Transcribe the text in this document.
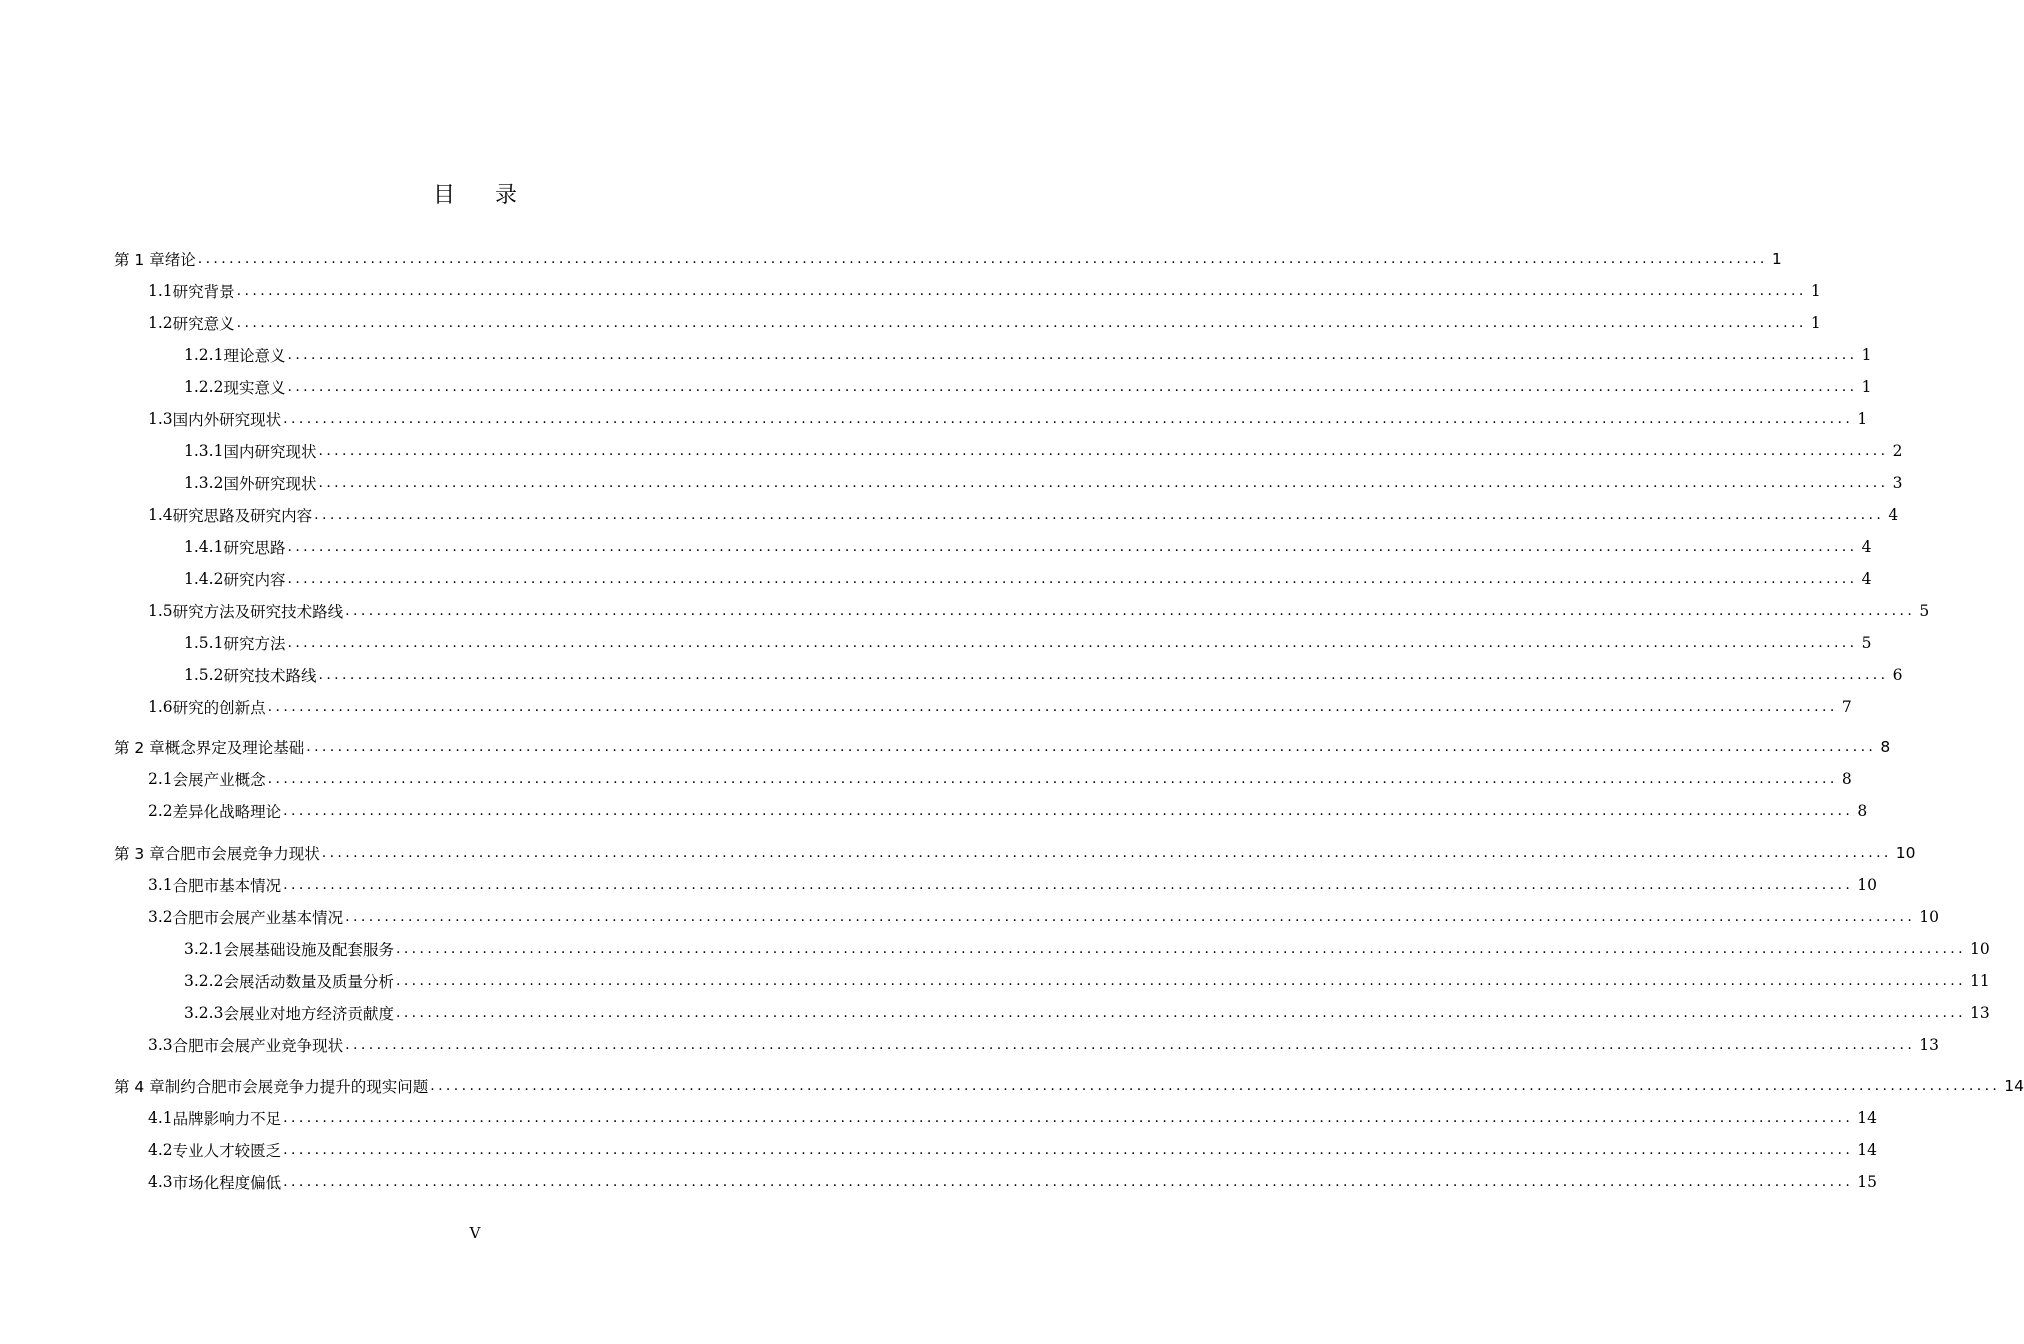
目录
第 1 章 绪论 ........................................................................................................................................................................................................ 1
1.1 研究背景 ........................................................................................................................................................................................................ 1
1.2 研究意义 ........................................................................................................................................................................................................ 1
1.2.1 理论意义 ........................................................................................................................................................................................................ 1
1.2.2 现实意义 ........................................................................................................................................................................................................ 1
1.3 国内外研究现状 ........................................................................................................................................................................................................ 1
1.3.1 国内研究现状 ........................................................................................................................................................................................................ 2
1.3.2 国外研究现状 ........................................................................................................................................................................................................ 3
1.4 研究思路及研究内容 ........................................................................................................................................................................................................ 4
1.4.1 研究思路 ........................................................................................................................................................................................................ 4
1.4.2 研究内容 ........................................................................................................................................................................................................ 4
1.5 研究方法及研究技术路线 ........................................................................................................................................................................................................ 5
1.5.1 研究方法 ........................................................................................................................................................................................................ 5
1.5.2 研究技术路线 ........................................................................................................................................................................................................ 6
1.6 研究的创新点 ........................................................................................................................................................................................................ 7
第 2 章 概念界定及理论基础 ........................................................................................................................................................................................................ 8
2.1 会展产业概念 ........................................................................................................................................................................................................ 8
2.2 差异化战略理论 ........................................................................................................................................................................................................ 8
第 3 章 合肥市会展竞争力现状 ........................................................................................................................................................................................................ 10
3.1 合肥市基本情况 ........................................................................................................................................................................................................ 10
3.2 合肥市会展产业基本情况 ........................................................................................................................................................................................................ 10
3.2.1 会展基础设施及配套服务 ........................................................................................................................................................................................................ 10
3.2.2 会展活动数量及质量分析 ........................................................................................................................................................................................................ 11
3.2.3 会展业对地方经济贡献度 ........................................................................................................................................................................................................ 13
3.3 合肥市会展产业竞争现状 ........................................................................................................................................................................................................ 13
第 4 章 制约合肥市会展竞争力提升的现实问题 ........................................................................................................................................................................................................ 14
4.1 品牌影响力不足 ........................................................................................................................................................................................................ 14
4.2 专业人才较匮乏 ........................................................................................................................................................................................................ 14
4.3 市场化程度偏低 ........................................................................................................................................................................................................ 15
V
